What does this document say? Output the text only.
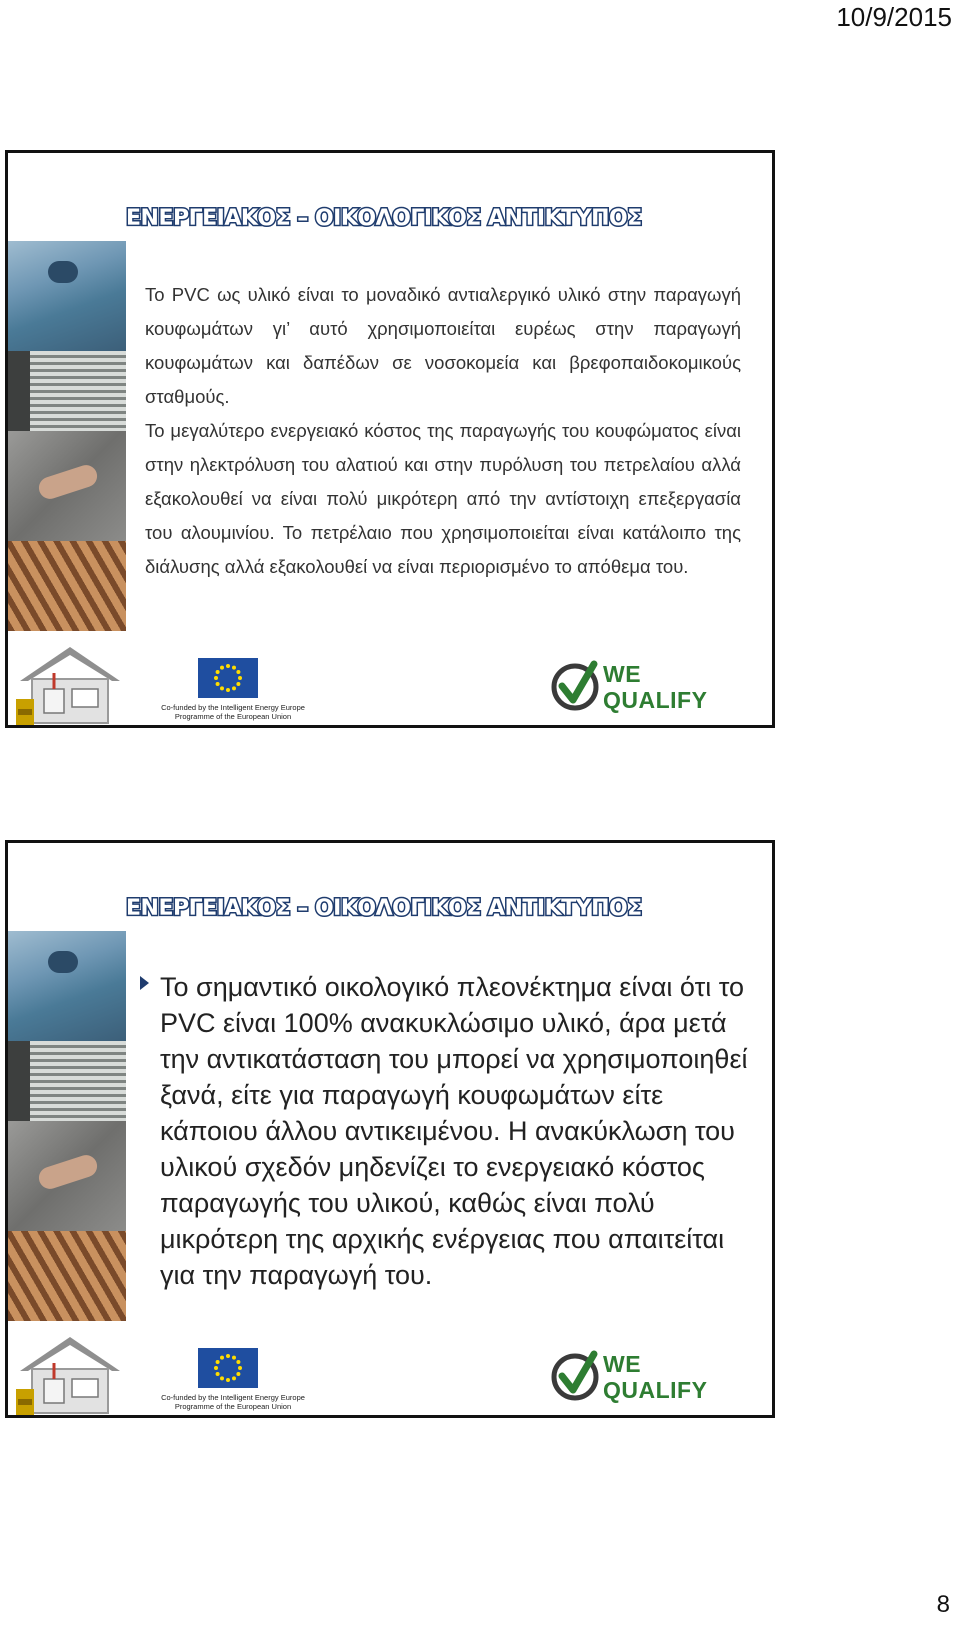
10/9/2015
ΕΝΕΡΓΕΙΑΚΟΣ – ΟΙΚΟΛΟΓΙΚΟΣ ΑΝΤΙΚΤΥΠΟΣ

Το PVC ως υλικό είναι το μοναδικό αντιαλεργικό υλικό στην παραγωγή κουφωμάτων γι’ αυτό χρησιμοποιείται ευρέως στην παραγωγή κουφωμάτων και δαπέδων σε νοσοκομεία και βρεφοπαιδοκομικούς σταθμούς.

Το μεγαλύτερο ενεργειακό κόστος της παραγωγής του κουφώματος είναι στην ηλεκτρόλυση του αλατιού και στην πυρόλυση του πετρελαίου αλλά εξακολουθεί να είναι πολύ μικρότερη από την αντίστοιχη επεξεργασία του αλουμινίου. Το πετρέλαιο που χρησιμοποιείται είναι κατάλοιπο της διάλυσης αλλά εξακολουθεί να είναι περιορισμένο το απόθεμα του.

Co-funded by the Intelligent Energy Europe Programme of the European Union
WE
QUALIFY
ΕΝΕΡΓΕΙΑΚΟΣ – ΟΙΚΟΛΟΓΙΚΟΣ ΑΝΤΙΚΤΥΠΟΣ

Το σημαντικό οικολογικό πλεονέκτημα είναι ότι το PVC είναι 100% ανακυκλώσιμο υλικό, άρα μετά την αντικατάσταση του μπορεί να χρησιμοποιηθεί ξανά, είτε για παραγωγή κουφωμάτων είτε κάποιου άλλου αντικειμένου. Η ανακύκλωση του υλικού σχεδόν μηδενίζει το ενεργειακό κόστος παραγωγής του υλικού, καθώς είναι πολύ μικρότερη της αρχικής ενέργειας που απαιτείται για την παραγωγή του.

Co-funded by the Intelligent Energy Europe Programme of the European Union
WE
QUALIFY
8
